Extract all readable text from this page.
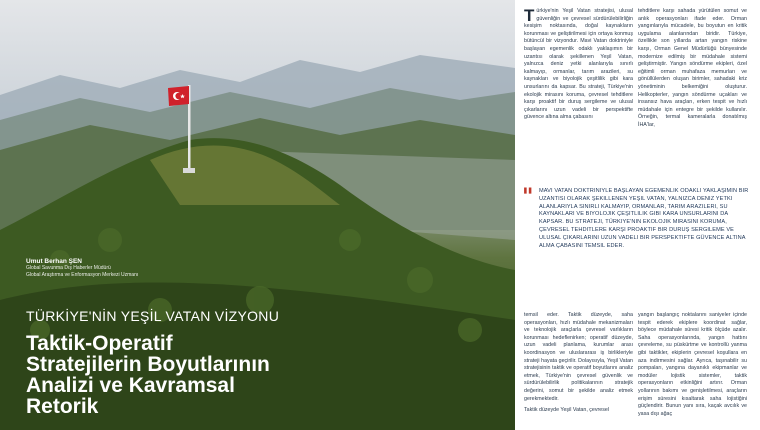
Umut Berhan ŞEN
Global Savunma Dış Haberler Müdürü
Global Araştırma ve Enformasyon Merkezi Uzmanı
TÜRKİYE'NİN YEŞİL VATAN VİZYONU
Taktik-Operatif
Stratejilerin Boyutlarının
Analizi ve Kavramsal
Retorik
Türkiye'nin Yeşil Vatan stratejisi, ulusal güvenliğin ve çevresel sürdürülebilirliğin kesişim noktasında, doğal kaynakların korunması ve geliştirilmesi için ortaya konmuş bütüncül bir vizyondur. Mavi Vatan doktriniyle başlayan egemenlik odaklı yaklaşımın bir uzantısı olarak şekillenen Yeşil Vatan, yalnızca deniz yetki alanlarıyla sınırlı kalmayıp, ormanlar, tarım arazileri, su kaynakları ve biyolojik çeşitlilik gibi kara unsurlarını da kapsar. Bu strateji, Türkiye'nin ekolojik mirasını koruma, çevresel tehditlere karşı proaktif bir duruş sergileme ve ulusal çıkarlarını uzun vadeli bir perspektifte güvence altına alma çabasını
tehditlere karşı sahada yürütülen somut ve anlık operasyonları ifade eder. Orman yangınlarıyla mücadele, bu boyutun en kritik uygulama alanlarından biridir. Türkiye, özellikle son yıllarda artan yangın riskine karşı, Orman Genel Müdürlüğü bünyesinde modernize edilmiş bir müdahale sistemi geliştirmiştir. Yangın söndürme ekipleri, özel eğitimli orman muhafaza memurları ve gönüllülerden oluşan birimler, sahadaki kriz yönetiminin belkemiğini oluşturur. Helikopterler, yangın söndürme uçakları ve insansız hava araçları, erken tespit ve hızlı müdahale için entegre bir şekilde kullanılır. Örneğin, termal kameralarla donatılmış İHA'lar,
" MAVI VATAN DOKTRINIYLE BAŞLAYAN EGEMENLIK ODAKLI YAKLAŞIMIN BIR UZANTISI OLARAK ŞEKILLENEN YEŞIL VATAN, YALNIZCA DENIZ YETKI ALANLARIYLA SINIRLI KALMAYIP, ORMANLAR, TARIM ARAZILERI, SU KAYNAKLARI VE BIYOLOJIK ÇEŞITLILIK GIBI KARA UNSURLARINI DA KAPSAR. BU STRATEJI, TÜRKIYE'NIN EKOLOJIK MIRASINI KORUMA, ÇEVRESEL TEHDITLERE KARŞI PROAKTIF BIR DURUŞ SERGILEME VE ULUSAL ÇIKARLARINI UZUN VADELI BIR PERSPEKTIFTE GÜVENCE ALTINA ALMA ÇABASINI TEMSIL EDER.

temsil eder. Taktik düzeyde, saha operasyonları, hızlı müdahale mekanizmaları ve teknolojik araçlarla çevresel varlıkların korunması hedeflenirken; operatif düzeyde, uzun vadeli planlama, kurumlar arası koordinasyon ve uluslararası iş birlikleriyle strateji hayata geçirilir. Dolayısıyla, Yeşil Vatan stratejisinin taktik ve operatif boyutlarını analiz etmek, Türkiye'nin çevresel güvenlik ve sürdürülebilirlik politikalarının stratejik değerini, somut bir şekilde analiz etmek gerekmektedir.

Taktik düzeyde Yeşil Vatan, çevresel

yangın başlangıç noktalarını saniyeler içinde tespit ederek ekiplere koordinat sağlar, böylece müdahale süresi kritik ölçüde azalır. Saha operasyonlarında, yangın hattını çevreleme, su püskürtme ve kontrollü yanma gibi taktikler, ekiplerin çevresel koşullara en aza indirmesini sağlar. Ayrıca, taşınabilir su pompaları, yangına dayanıklı ekipmanlar ve modüler lojistik sistemler, taktik operasyonların etkinliğini artırır. Orman yollarının bakımı ve genişletilmesi, araçların erişim süresini kısaltarak saha lojistiğini güçlendirir. Bunun yanı sıra, kaçak avcılık ve yasa dışı ağaç
